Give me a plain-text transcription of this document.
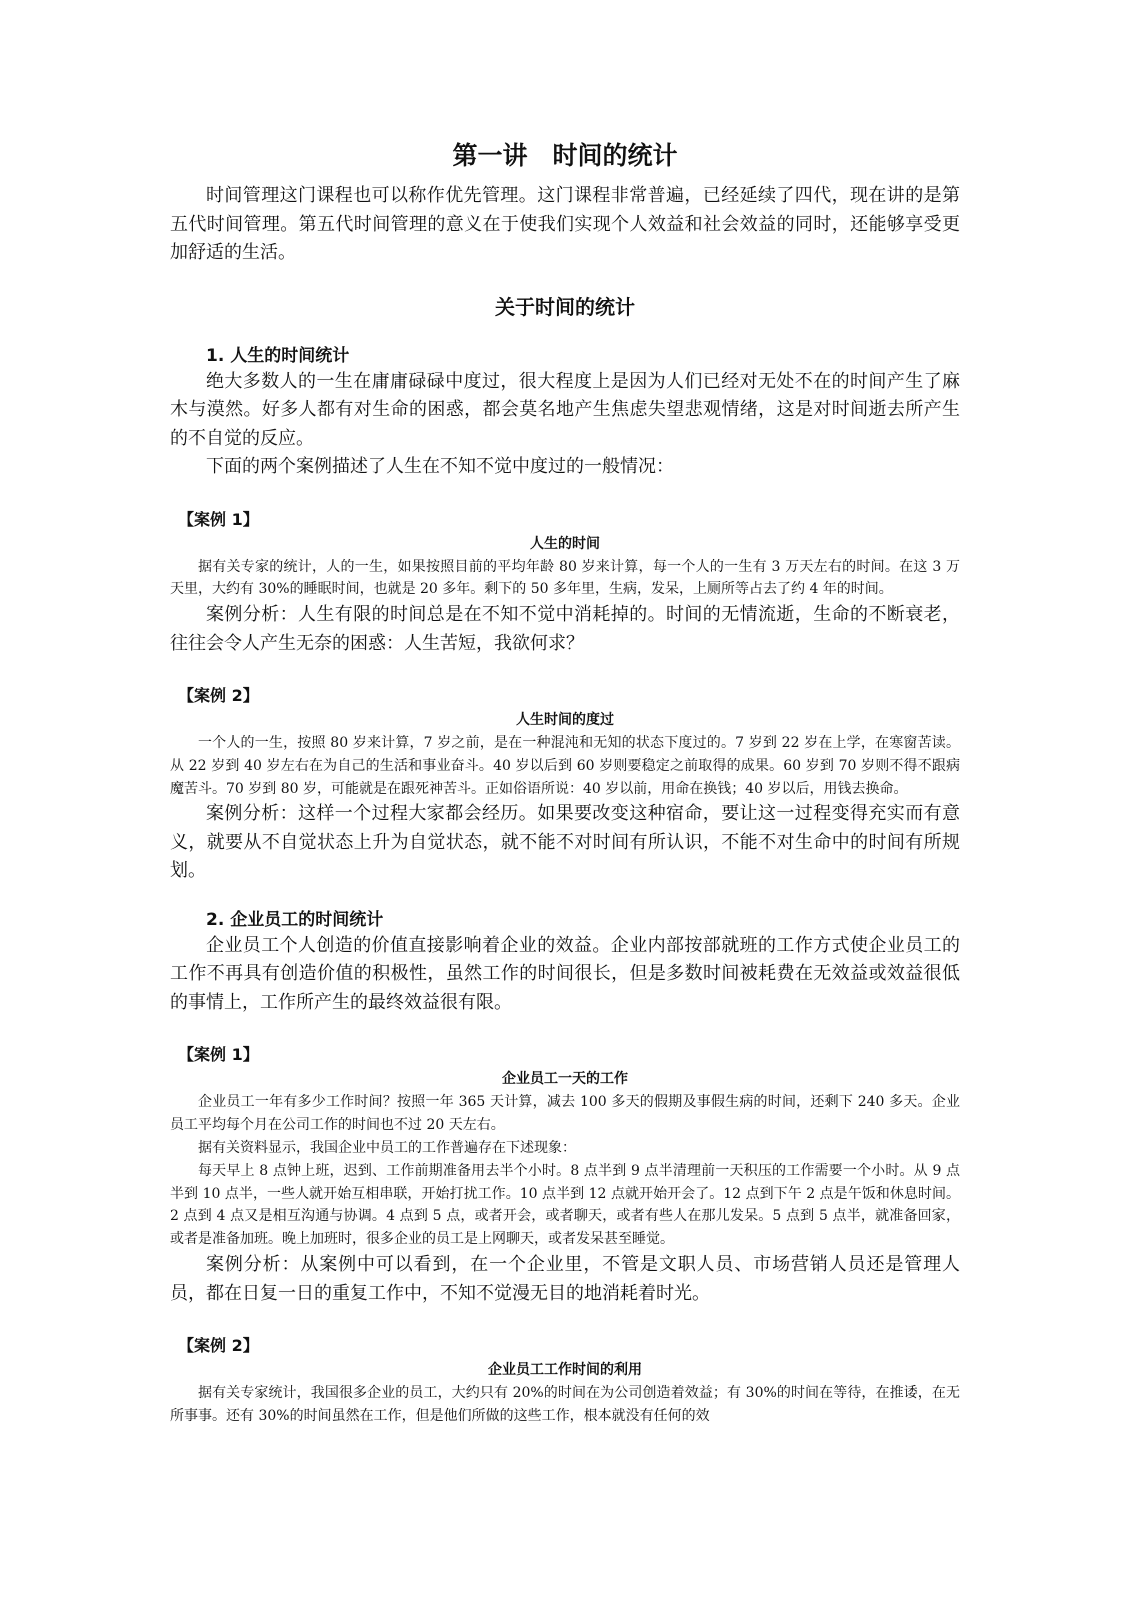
第一讲　时间的统计

时间管理这门课程也可以称作优先管理。这门课程非常普遍，已经延续了四代，现在讲的是第五代时间管理。第五代时间管理的意义在于使我们实现个人效益和社会效益的同时，还能够享受更加舒适的生活。

关于时间的统计
1. 人生的时间统计

绝大多数人的一生在庸庸碌碌中度过，很大程度上是因为人们已经对无处不在的时间产生了麻木与漠然。好多人都有对生命的困惑，都会莫名地产生焦虑失望悲观情绪，这是对时间逝去所产生的不自觉的反应。

下面的两个案例描述了人生在不知不觉中度过的一般情况：

【案例 1】
人生的时间

据有关专家的统计，人的一生，如果按照目前的平均年龄 80 岁来计算，每一个人的一生有 3 万天左右的时间。在这 3 万天里，大约有 30%的睡眠时间，也就是 20 多年。剩下的 50 多年里，生病，发呆，上厕所等占去了约 4 年的时间。

案例分析：人生有限的时间总是在不知不觉中消耗掉的。时间的无情流逝，生命的不断衰老，往往会令人产生无奈的困惑：人生苦短，我欲何求？

【案例 2】
人生时间的度过

一个人的一生，按照 80 岁来计算，7 岁之前，是在一种混沌和无知的状态下度过的。7 岁到 22 岁在上学，在寒窗苦读。从 22 岁到 40 岁左右在为自己的生活和事业奋斗。40 岁以后到 60 岁则要稳定之前取得的成果。60 岁到 70 岁则不得不跟病魔苦斗。70 岁到 80 岁，可能就是在跟死神苦斗。正如俗语所说：40 岁以前，用命在换钱；40 岁以后，用钱去换命。

案例分析：这样一个过程大家都会经历。如果要改变这种宿命，要让这一过程变得充实而有意义，就要从不自觉状态上升为自觉状态，就不能不对时间有所认识，不能不对生命中的时间有所规划。

2. 企业员工的时间统计

企业员工个人创造的价值直接影响着企业的效益。企业内部按部就班的工作方式使企业员工的工作不再具有创造价值的积极性，虽然工作的时间很长，但是多数时间被耗费在无效益或效益很低的事情上，工作所产生的最终效益很有限。

【案例 1】
企业员工一天的工作

企业员工一年有多少工作时间？按照一年 365 天计算，减去 100 多天的假期及事假生病的时间，还剩下 240 多天。企业员工平均每个月在公司工作的时间也不过 20 天左右。

据有关资料显示，我国企业中员工的工作普遍存在下述现象：

每天早上 8 点钟上班，迟到、工作前期准备用去半个小时。8 点半到 9 点半清理前一天积压的工作需要一个小时。从 9 点半到 10 点半，一些人就开始互相串联，开始打扰工作。10 点半到 12 点就开始开会了。12 点到下午 2 点是午饭和休息时间。2 点到 4 点又是相互沟通与协调。4 点到 5 点，或者开会，或者聊天，或者有些人在那儿发呆。5 点到 5 点半，就准备回家，或者是准备加班。晚上加班时，很多企业的员工是上网聊天，或者发呆甚至睡觉。

案例分析：从案例中可以看到，在一个企业里，不管是文职人员、市场营销人员还是管理人员，都在日复一日的重复工作中，不知不觉漫无目的地消耗着时光。

【案例 2】
企业员工工作时间的利用

据有关专家统计，我国很多企业的员工，大约只有 20%的时间在为公司创造着效益；有 30%的时间在等待，在推诿，在无所事事。还有 30%的时间虽然在工作，但是他们所做的这些工作，根本就没有任何的效
